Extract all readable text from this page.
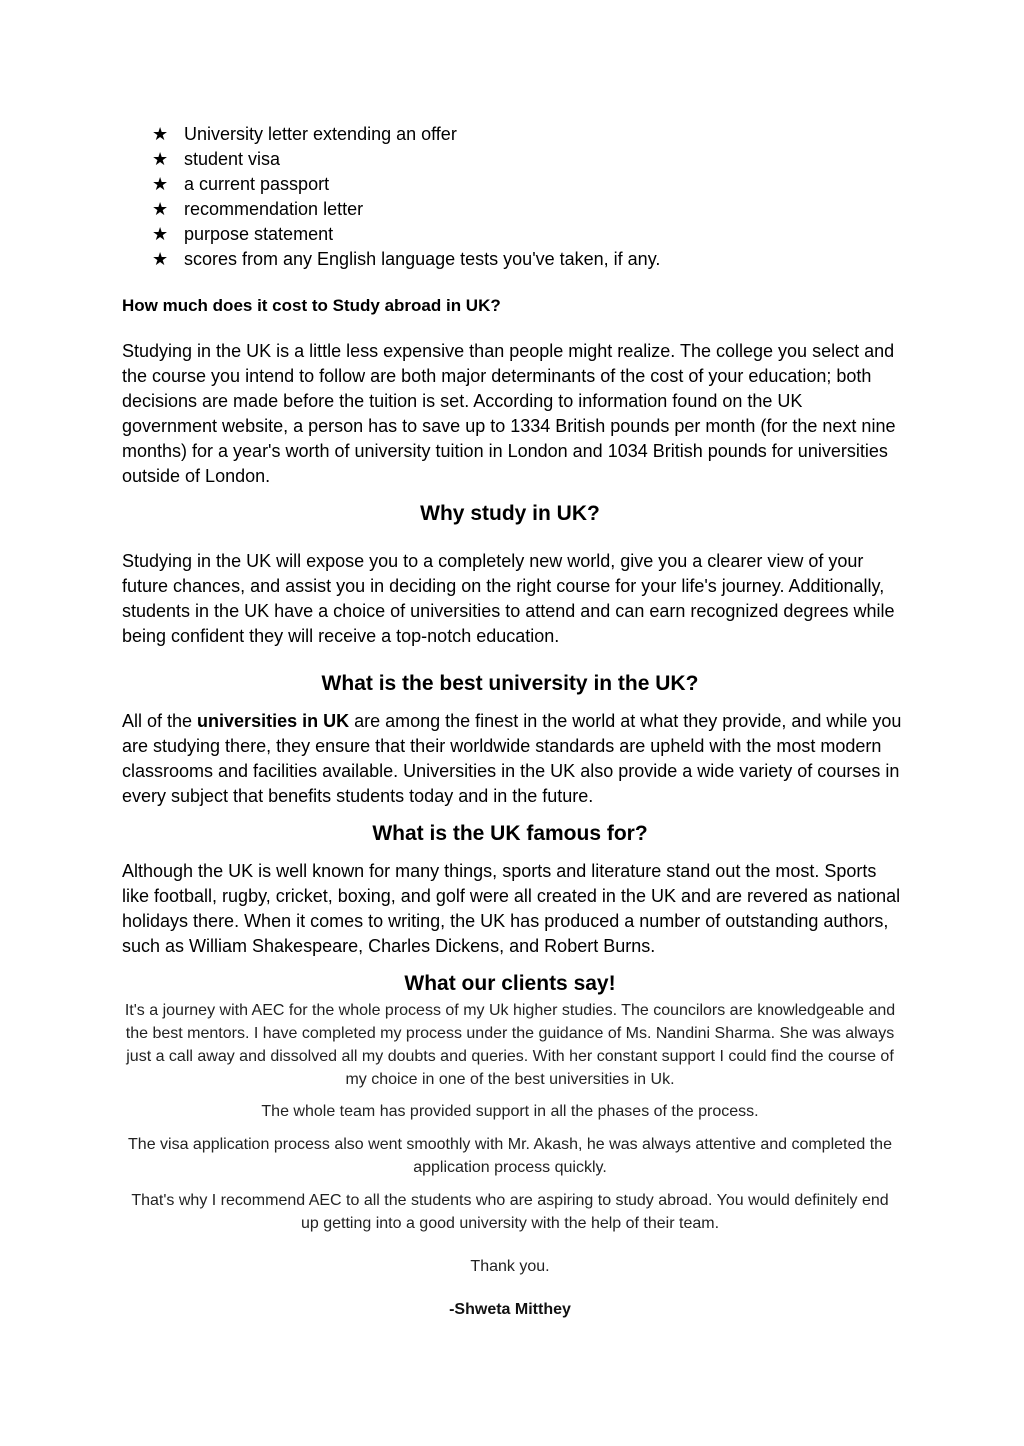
★ University letter extending an offer
★ student visa
★ a current passport
★ recommendation letter
★ purpose statement
★ scores from any English language tests you've taken, if any.

How much does it cost to Study abroad in UK?

Studying in the UK is a little less expensive than people might realize. The college you select and the course you intend to follow are both major determinants of the cost of your education; both decisions are made before the tuition is set. According to information found on the UK government website, a person has to save up to 1334 British pounds per month (for the next nine months) for a year's worth of university tuition in London and 1034 British pounds for universities outside of London.

Why study in UK?

Studying in the UK will expose you to a completely new world, give you a clearer view of your future chances, and assist you in deciding on the right course for your life's journey. Additionally, students in the UK have a choice of universities to attend and can earn recognized degrees while being confident they will receive a top-notch education.

What is the best university in the UK?

All of the universities in UK are among the finest in the world at what they provide, and while you are studying there, they ensure that their worldwide standards are upheld with the most modern classrooms and facilities available. Universities in the UK also provide a wide variety of courses in every subject that benefits students today and in the future.

What is the UK famous for?

Although the UK is well known for many things, sports and literature stand out the most. Sports like football, rugby, cricket, boxing, and golf were all created in the UK and are revered as national holidays there. When it comes to writing, the UK has produced a number of outstanding authors, such as William Shakespeare, Charles Dickens, and Robert Burns.

What our clients say!

It's a journey with AEC for the whole process of my Uk higher studies. The councilors are knowledgeable and the best mentors. I have completed my process under the guidance of Ms. Nandini Sharma. She was always just a call away and dissolved all my doubts and queries. With her constant support I could find the course of my choice in one of the best universities in Uk.

The whole team has provided support in all the phases of the process.

The visa application process also went smoothly with Mr. Akash, he was always attentive and completed the application process quickly.

That's why I recommend AEC to all the students who are aspiring to study abroad. You would definitely end up getting into a good university with the help of their team.

Thank you.

-Shweta Mitthey
